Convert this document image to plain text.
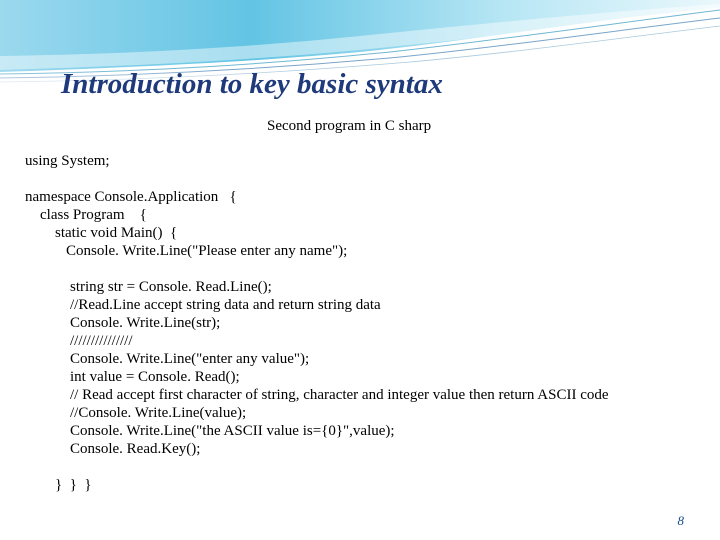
Introduction to key basic syntax
Second program in C sharp
using System;
namespace Console.Application   {
class Program    {
static void Main()  {
Console. Write.Line("Please enter any name");
string str = Console. Read.Line();
//Read.Line accept string data and return string data
Console. Write.Line(str);
///////////////
Console. Write.Line("enter any value");
int value = Console. Read();
// Read accept first character of string, character and integer value then return ASCII code
//Console. Write.Line(value);
Console. Write.Line("the ASCII value is={0}",value);
Console. Read.Key();
}  }  }
8
